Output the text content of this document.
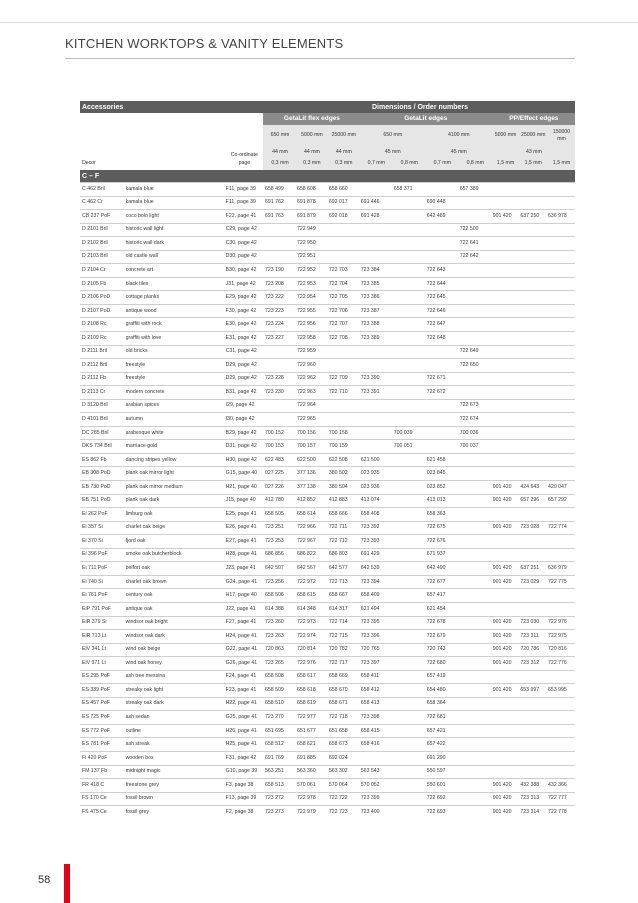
KITCHEN WORKTOPS & VANITY ELEMENTS
Accessories			Dimensions / Order numbers									
			GetaLit flex edges			GetaLit edges				PP/Effect edges		
		Co-ordinate page	650 mm	5000 mm	25000 mm	650 mm		4100 mm		5000 mm	25000 mm	150000 mm
			44 mm	44 mm	44 mm	45 mm		45 mm		43 mm		
Decor			0,3 mm	0,3 mm	0,3 mm	0,7 mm	0,8 mm	0,7 mm	0,8 mm	1,5 mm	1,5 mm	1,5 mm
C – F												
C 462 Bril	kamala blue	F11, page 39	658 499	658 608	658 660		658 371		657 389			
C 462 Cr	kamala blue	F11, page 39	691 762	691 878	692 017	691 446		690 448				
CB 237 PoF	coco bolo light	F22, page 41	691 763	691 879	692 018	691 428		642 489		901 420	637 250	636 978
D 2101 Bril	historic wall light	C29, page 42		722 949					722 500			
D 2102 Bril	historic wall dark	C30, page 42		722 950					722 641			
D 2103 Bril	old castle wall	D30, page 42		722 951					722 642			
D 2104 Cr	concrete art	B30, page 42	723 190	722 952	722 703	723 384		722 643				
D 2105 Fb	black tiles	J31, page 42	723 208	722 953	722 704	723 385		722 644				
D 2106 PoD	cottage planks	E29, page 42	723 222	722 954	722 705	723 386		722 645				
D 2107 PoD	antique wood	F30, page 42	723 223	722 955	722 706	723 387		722 646				
D 2108 Rc	graffiti with rock	E30, page 42	723 224	722 956	722 707	723 388		722 647				
D 2109 Rc	graffiti with love	E31, page 42	723 227	722 958	722 708	723 389		722 648				
D 2111 Bril	old bricks	C31, page 42		722 959					722 649			
D 2112 Bril	freestyle	D29, page 42		722 960					722 650			
D 2112 Fb	freestyle	D29, page 42	723 228	722 962	722 709	723 390		722 671				
D 2113 Cr	modern concrete	B31, page 42	723 230	722 963	722 710	723 391		722 672				
D 3120 Bril	arabian spices	I29, page 42		722 964					722 673			
D 4101 Bril	autumn	I30, page 42		722 965					722 674			
DC 285 Bril	arabesque white	B29, page 42	700 152	700 156	700 158		700 039		700 036			
DKS 734 Bril	marriace gold	D31, page 42	700 153	700 157	700 159		700 051		700 037			
ES 862 Fb	dancing stripes yellow	H30, page 42	622 483	622 500	622 508	621 500		621 458				
EB 308 PoD	plank oak mirror light	G15, page 40	027 225	377 136	380 502	023 935		023 845				
EB 730 PoD	plank oak mirror medium	H21, page 40	027 226	377 138	380 504	023 936		023 852		901 420	424 643	420 047
EB 751 PoD	plank oak dark	J15, page 40	412 780	412 852	412 883	413 074		413 013		901 420	657 296	657 292
Ei 262 PoF	limburg oak	E25, page 41	658 505	658 614	658 666	658 408		658 363				
Ei 357 Si	charlet oak beige	E26, page 41	723 251	722 966	722 711	723 392		722 675		901 420	723 028	722 774
Ei 370 Si	fjord oak	E27, page 41	723 253	722 967	722 712	723 393		722 676				
Ei 396 PoF	smoke oak butcherblock	H28, page 41	686 856	686 822	686 803	691 429		671 937				
Ei 711 PoF	belfort oak	J23, page 41	642 507	642 567	642 577	642 539		642 490		901 420	637 251	636 979
Ei 740 Si	charlet oak brown	G24, page 41	723 256	722 972	722 713	723 394		722 677		901 420	723 029	722 775
Ei 761 PoF	century oak	H17, page 40	658 506	658 615	658 667	658 409		657 417				
EiP 791 PoF	antique oak	J22, page 41	614 388	614 348	614 317	621 494		621 454				
EiR 379 Si	windsor oak bright	F27, page 41	723 260	722 973	722 714	723 395		722 678		901 420	723 030	722 976
EiR 713 Lt	windsor oak dark	H24, page 41	723 263	722 974	722 715	723 396		722 679		901 420	723 311	722 975
EiV 341 Lt	wind oak beige	G22, page 41	720 863	720 814	720 782	720 765		720 743		901 420	720 786	720 816
EiV 971 Lt	wind oak honey	G26, page 41	723 265	722 976	722 717	723 397		722 680		901 420	723 312	722 776
ES 295 PoF	ash tree messina	F24, page 41	658 508	658 617	658 669	658 411		657 419				
ES 339 PoF	streaky oak light	F23, page 41	658 509	658 618	658 670	658 412		654 480		901 420	653 997	653 995
ES 457 PoF	streaky oak dark	H22, page 41	658 510	658 619	658 671	658 413		658 364				
ES 725 PoF	ash sedan	G25, page 41	723 270	722 977	722 718	723 398		722 681				
ES 772 PoF	outline	H26, page 41	651 695	651 677	651 658	658 415		657 421				
ES 781 PoF	ash streak	H25, page 41	658 512	658 621	658 673	658 416		657 422				
Fi 420 PoF	wooden box	F31, page 42	691 769	691 885	692 024			691 290				
FM 137 Fb	midnight magic	G10, page 39	563 251	563 360	563 302	563 543		550 597				
FR 418 C	freestone grey	F3, page 38	658 513	570 061	570 064	570 052		550 601		901 420	432 388	432 366
FS 170 Ce	fossil brown	F13, page 39	723 272	722 978	722 722	723 399		722 692		901 420	723 313	722 777
FS 475 Ce	fossil grey	F2, page 38	723 273	722 979	722 723	723 400		722 693		901 420	723 314	722 778
58
